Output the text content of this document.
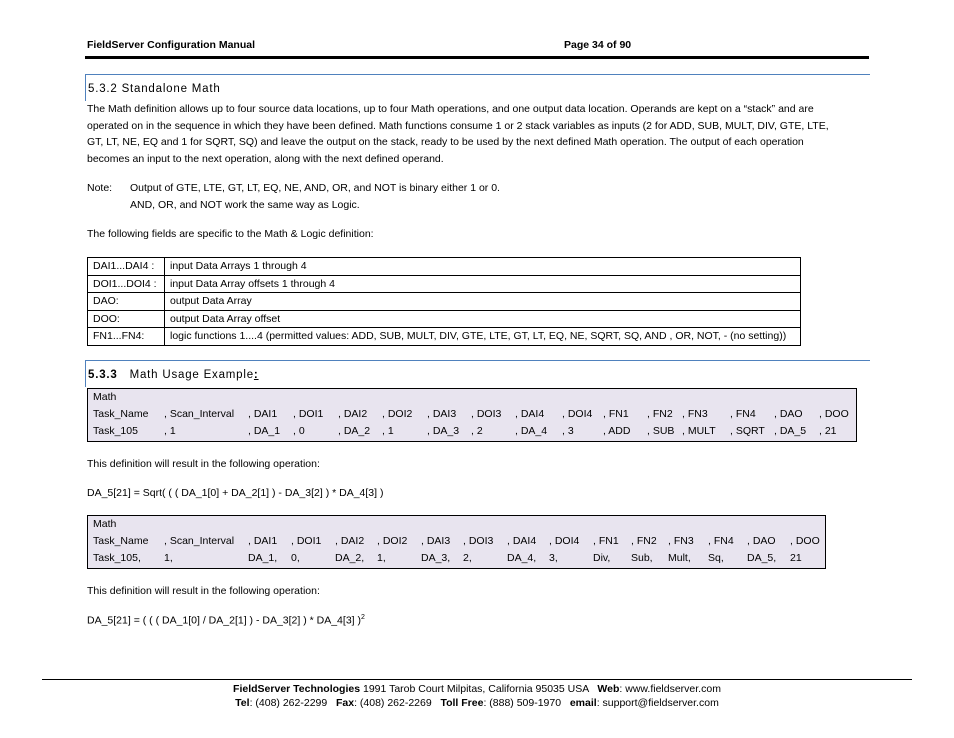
FieldServer Configuration Manual	Page 34 of 90
5.3.2 Standalone Math
The Math definition allows up to four source data locations, up to four Math operations, and one output data location. Operands are kept on a “stack” and are
operated on in the sequence in which they have been defined. Math functions consume 1 or 2 stack variables as inputs (2 for ADD, SUB, MULT, DIV, GTE, LTE,
GT, LT, NE, EQ and 1 for SQRT, SQ) and leave the output on the stack, ready to be used by the next defined Math operation. The output of each operation
becomes an input to the next operation, along with the next defined operand.
Note: Output of GTE, LTE, GT, LT, EQ, NE, AND, OR, and NOT is binary either 1 or 0.
AND, OR, and NOT work the same way as Logic.
The following fields are specific to the Math & Logic definition:
DAI1...DAI4 :	input Data Arrays 1 through 4
DOI1...DOI4 :	input Data Array offsets 1 through 4
DAO:	output Data Array
DOO:	output Data Array offset
FN1...FN4:	logic functions 1....4 (permitted values: ADD, SUB, MULT, DIV, GTE, LTE, GT, LT, EQ, NE, SQRT, SQ, AND , OR, NOT, - (no setting))
5.3.3 Math Usage Example:
Math
Task_Name , Scan_Interval , DAI1 , DOI1 , DAI2 , DOI2 , DAI3 , DOI3 , DAI4 , DOI4 , FN1 , FN2 , FN3 , FN4 , DAO , DOO
Task_105 , 1	, DA_1 , 0	, DA_2 , 1	, DA_3 , 2	, DA_4 , 3	, ADD , SUB , MULT , SQRT , DA_5 , 21
This definition will result in the following operation:
DA_5[21] = Sqrt( ( ( DA_1[0] + DA_2[1] ) - DA_3[2] ) * DA_4[3] )
Math
Task_Name , Scan_Interval , DAI1 , DOI1 , DAI2 , DOI2 , DAI3 , DOI3 , DAI4 , DOI4 , FN1 , FN2 , FN3 , FN4 , DAO , DOO
Task_105, 1,	DA_1, 0,	DA_2, 1,	DA_3, 2,	DA_4, 3,	Div, Sub, Mult, Sq, DA_5, 21
This definition will result in the following operation:
DA_5[21] = ( ( ( DA_1[0] / DA_2[1] ) - DA_3[2] ) * DA_4[3] )$^2$
FieldServer Technologies 1991 Tarob Court Milpitas, California 95035 USA   Web: www.fieldserver.com
Tel: (408) 262-2299   Fax: (408) 262-2269   Toll Free: (888) 509-1970   email: support@fieldserver.com
